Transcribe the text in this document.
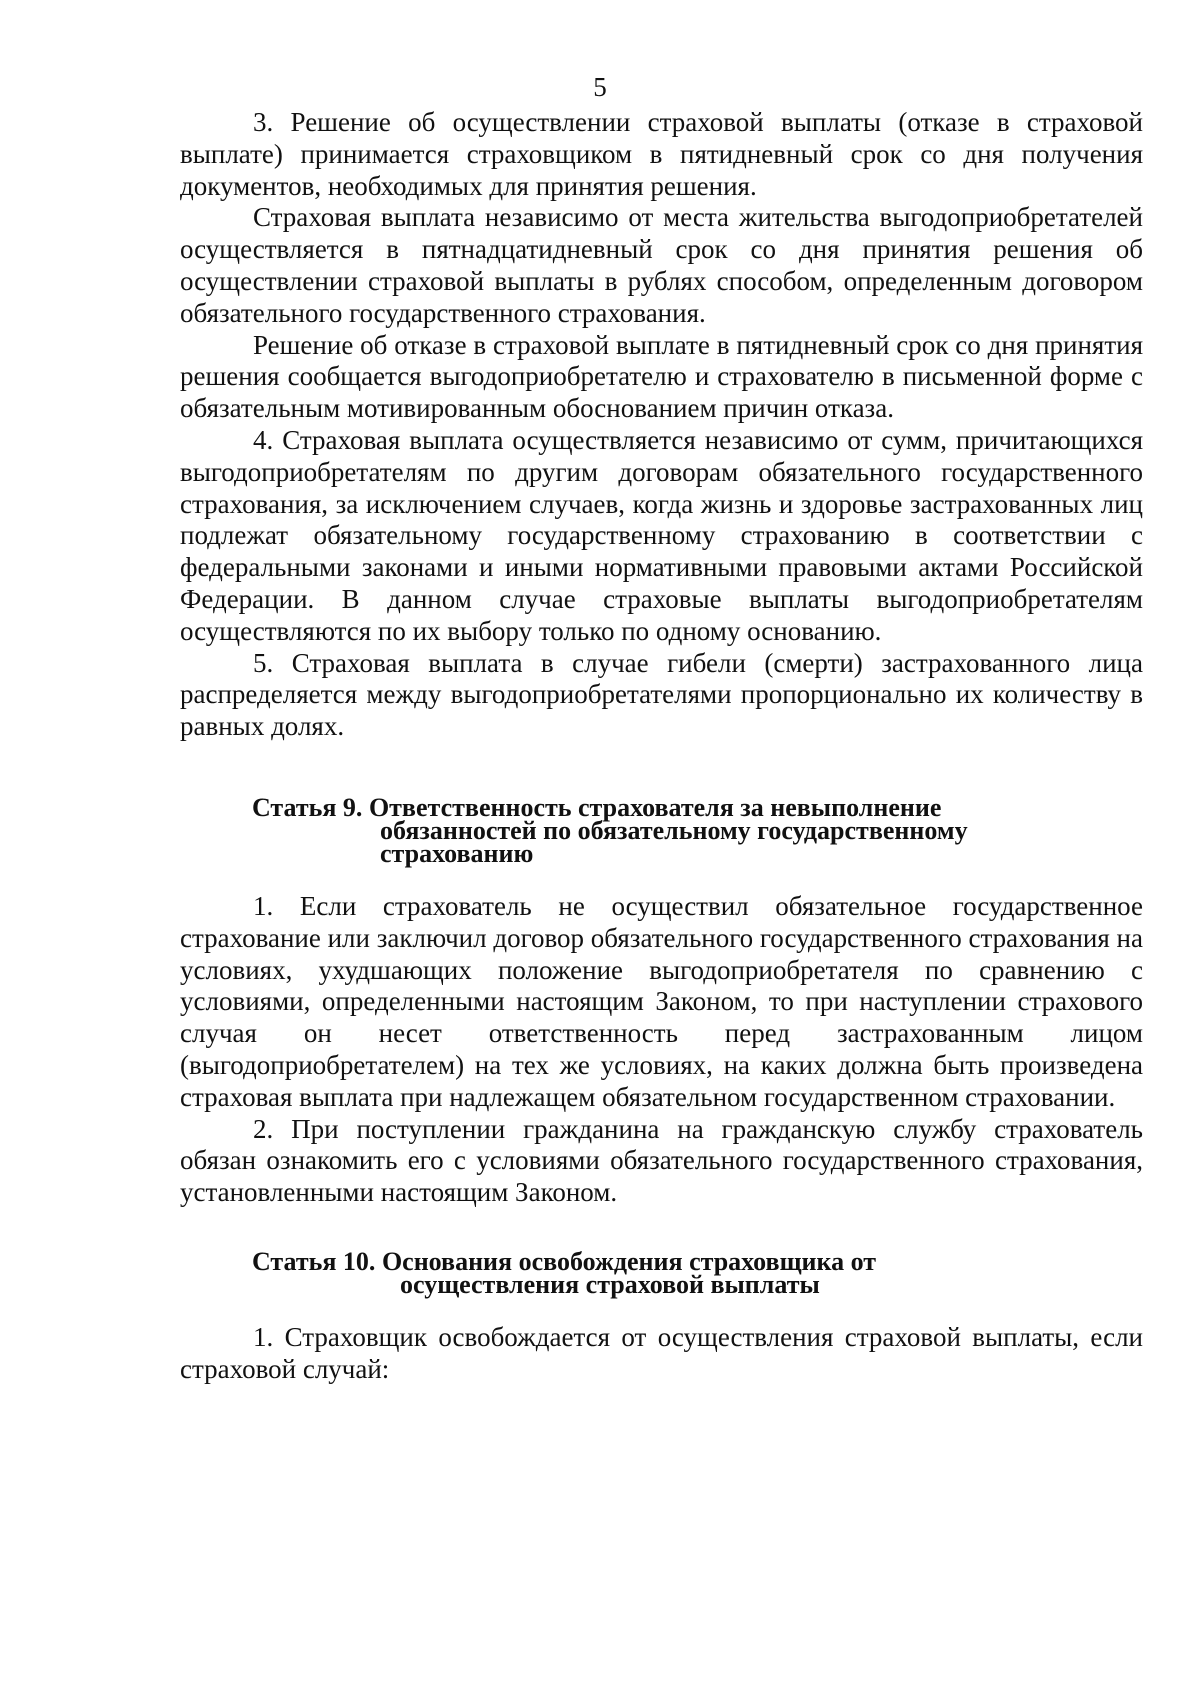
5

3. Решение об осуществлении страховой выплаты (отказе в страховой выплате) принимается страховщиком в пятидневный срок со дня получения документов, необходимых для принятия решения.

Страховая выплата независимо от места жительства выгодоприобретателей осуществляется в пятнадцатидневный срок со дня принятия решения об осуществлении страховой выплаты в рублях способом, определенным договором обязательного государственного страхования.

Решение об отказе в страховой выплате в пятидневный срок со дня принятия решения сообщается выгодоприобретателю и страхователю в письменной форме с обязательным мотивированным обоснованием причин отказа.

4. Страховая выплата осуществляется независимо от сумм, причитающихся выгодоприобретателям по другим договорам обязательного государственного страхования, за исключением случаев, когда жизнь и здоровье застрахованных лиц подлежат обязательному государственному страхованию в соответствии с федеральными законами и иными нормативными правовыми актами Российской Федерации. В данном случае страховые выплаты выгодоприобретателям осуществляются по их выбору только по одному основанию.

5. Страховая выплата в случае гибели (смерти) застрахованного лица распределяется между выгодоприобретателями пропорционально их количеству в равных долях.

Статья 9. Ответственность страхователя за невыполнение
обязанностей по обязательному государственному
страхованию

1. Если страхователь не осуществил обязательное государственное страхование или заключил договор обязательного государственного страхования на условиях, ухудшающих положение выгодоприобретателя по сравнению с условиями, определенными настоящим Законом, то при наступлении страхового случая он несет ответственность перед застрахованным лицом (выгодоприобретателем) на тех же условиях, на каких должна быть произведена страховая выплата при надлежащем обязательном государственном страховании.

2. При поступлении гражданина на гражданскую службу страхователь обязан ознакомить его с условиями обязательного государственного страхования, установленными настоящим Законом.

Статья 10. Основания освобождения страховщика от
осуществления страховой выплаты

1. Страховщик освобождается от осуществления страховой выплаты, если страховой случай:
